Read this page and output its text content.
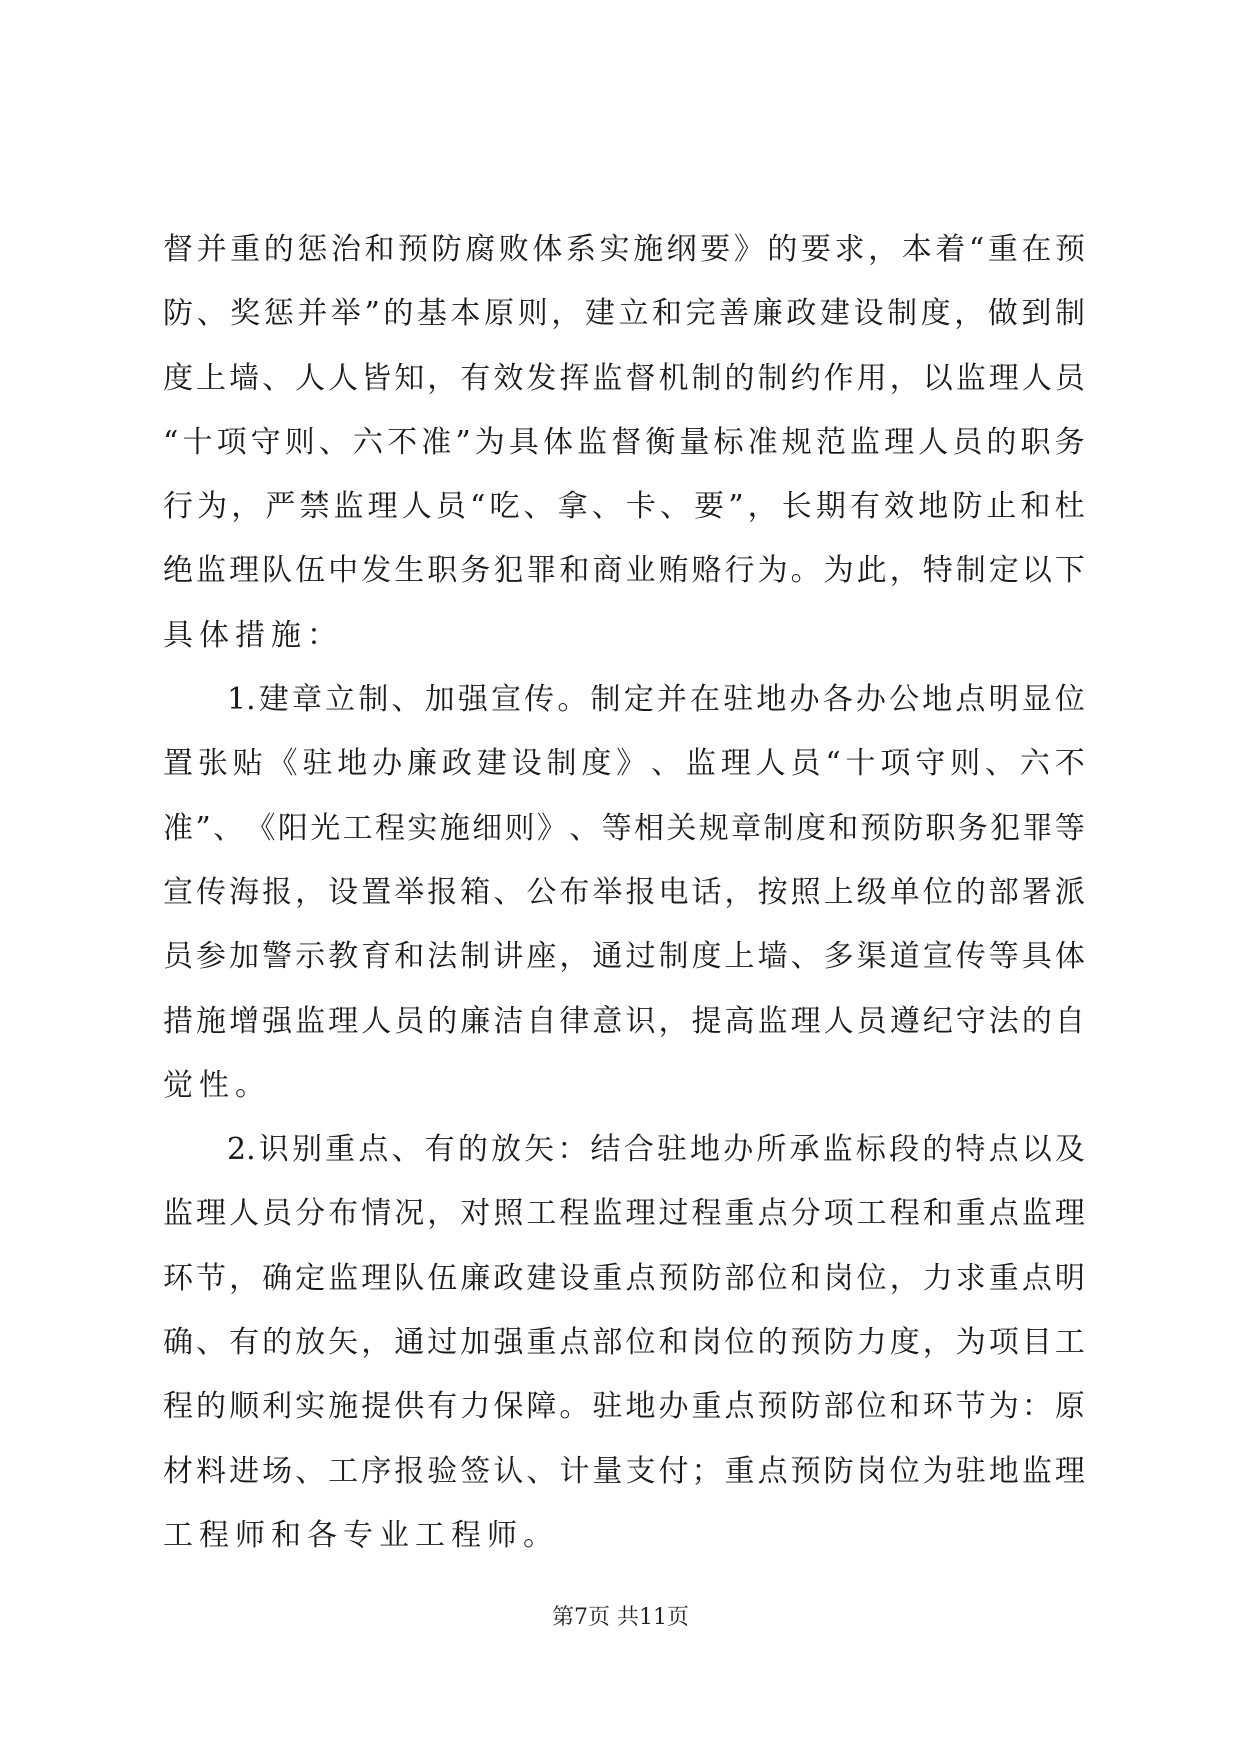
督 并 重 的 惩 治 和 预 防 腐 败 体 系 实 施 纲 要 》 的 要 求 ， 本 着 “ 重 在 预
防 、 奖 惩 并 举 ” 的 基 本 原 则 ， 建 立 和 完 善 廉 政 建 设 制 度 ， 做 到 制
度 上 墙 、 人 人 皆 知 ， 有 效 发 挥 监 督 机 制 的 制 约 作 用 ， 以 监 理 人 员
“ 十 项 守 则 、 六 不 准 ” 为 具 体 监 督 衡 量 标 准 规 范 监 理 人 员 的 职 务
行 为 ， 严 禁 监 理 人 员 “ 吃 、 拿 、 卡 、 要 ” ， 长 期 有 效 地 防 止 和 杜
绝 监 理 队 伍 中 发 生 职 务 犯 罪 和 商 业 贿 赂 行 为 。 为 此 ， 特 制 定 以 下
具体措施：
1. 建 章 立 制 、 加 强 宣 传 。 制 定 并 在 驻 地 办 各 办 公 地 点 明 显 位
置 张 贴 《 驻 地 办 廉 政 建 设 制 度 》 、 监 理 人 员 “ 十 项 守 则 、 六 不
准 ” 、 《 阳 光 工 程 实 施 细 则 》 、 等 相 关 规 章 制 度 和 预 防 职 务 犯 罪 等
宣 传 海 报 ， 设 置 举 报 箱 、 公 布 举 报 电 话 ， 按 照 上 级 单 位 的 部 署 派
员 参 加 警 示 教 育 和 法 制 讲 座 ， 通 过 制 度 上 墙 、 多 渠 道 宣 传 等 具 体
措 施 增 强 监 理 人 员 的 廉 洁 自 律 意 识 ， 提 高 监 理 人 员 遵 纪 守 法 的 自
觉性。
2. 识 别 重 点 、 有 的 放 矢 ： 结 合 驻 地 办 所 承 监 标 段 的 特 点 以 及
监 理 人 员 分 布 情 况 ， 对 照 工 程 监 理 过 程 重 点 分 项 工 程 和 重 点 监 理
环 节 ， 确 定 监 理 队 伍 廉 政 建 设 重 点 预 防 部 位 和 岗 位 ， 力 求 重 点 明
确 、 有 的 放 矢 ， 通 过 加 强 重 点 部 位 和 岗 位 的 预 防 力 度 ， 为 项 目 工
程 的 顺 利 实 施 提 供 有 力 保 障 。 驻 地 办 重 点 预 防 部 位 和 环 节 为 ： 原
材 料 进 场 、 工 序 报 验 签 认 、 计 量 支 付 ； 重 点 预 防 岗 位 为 驻 地 监 理
工程师和各专业工程师。
第7页 共11页
